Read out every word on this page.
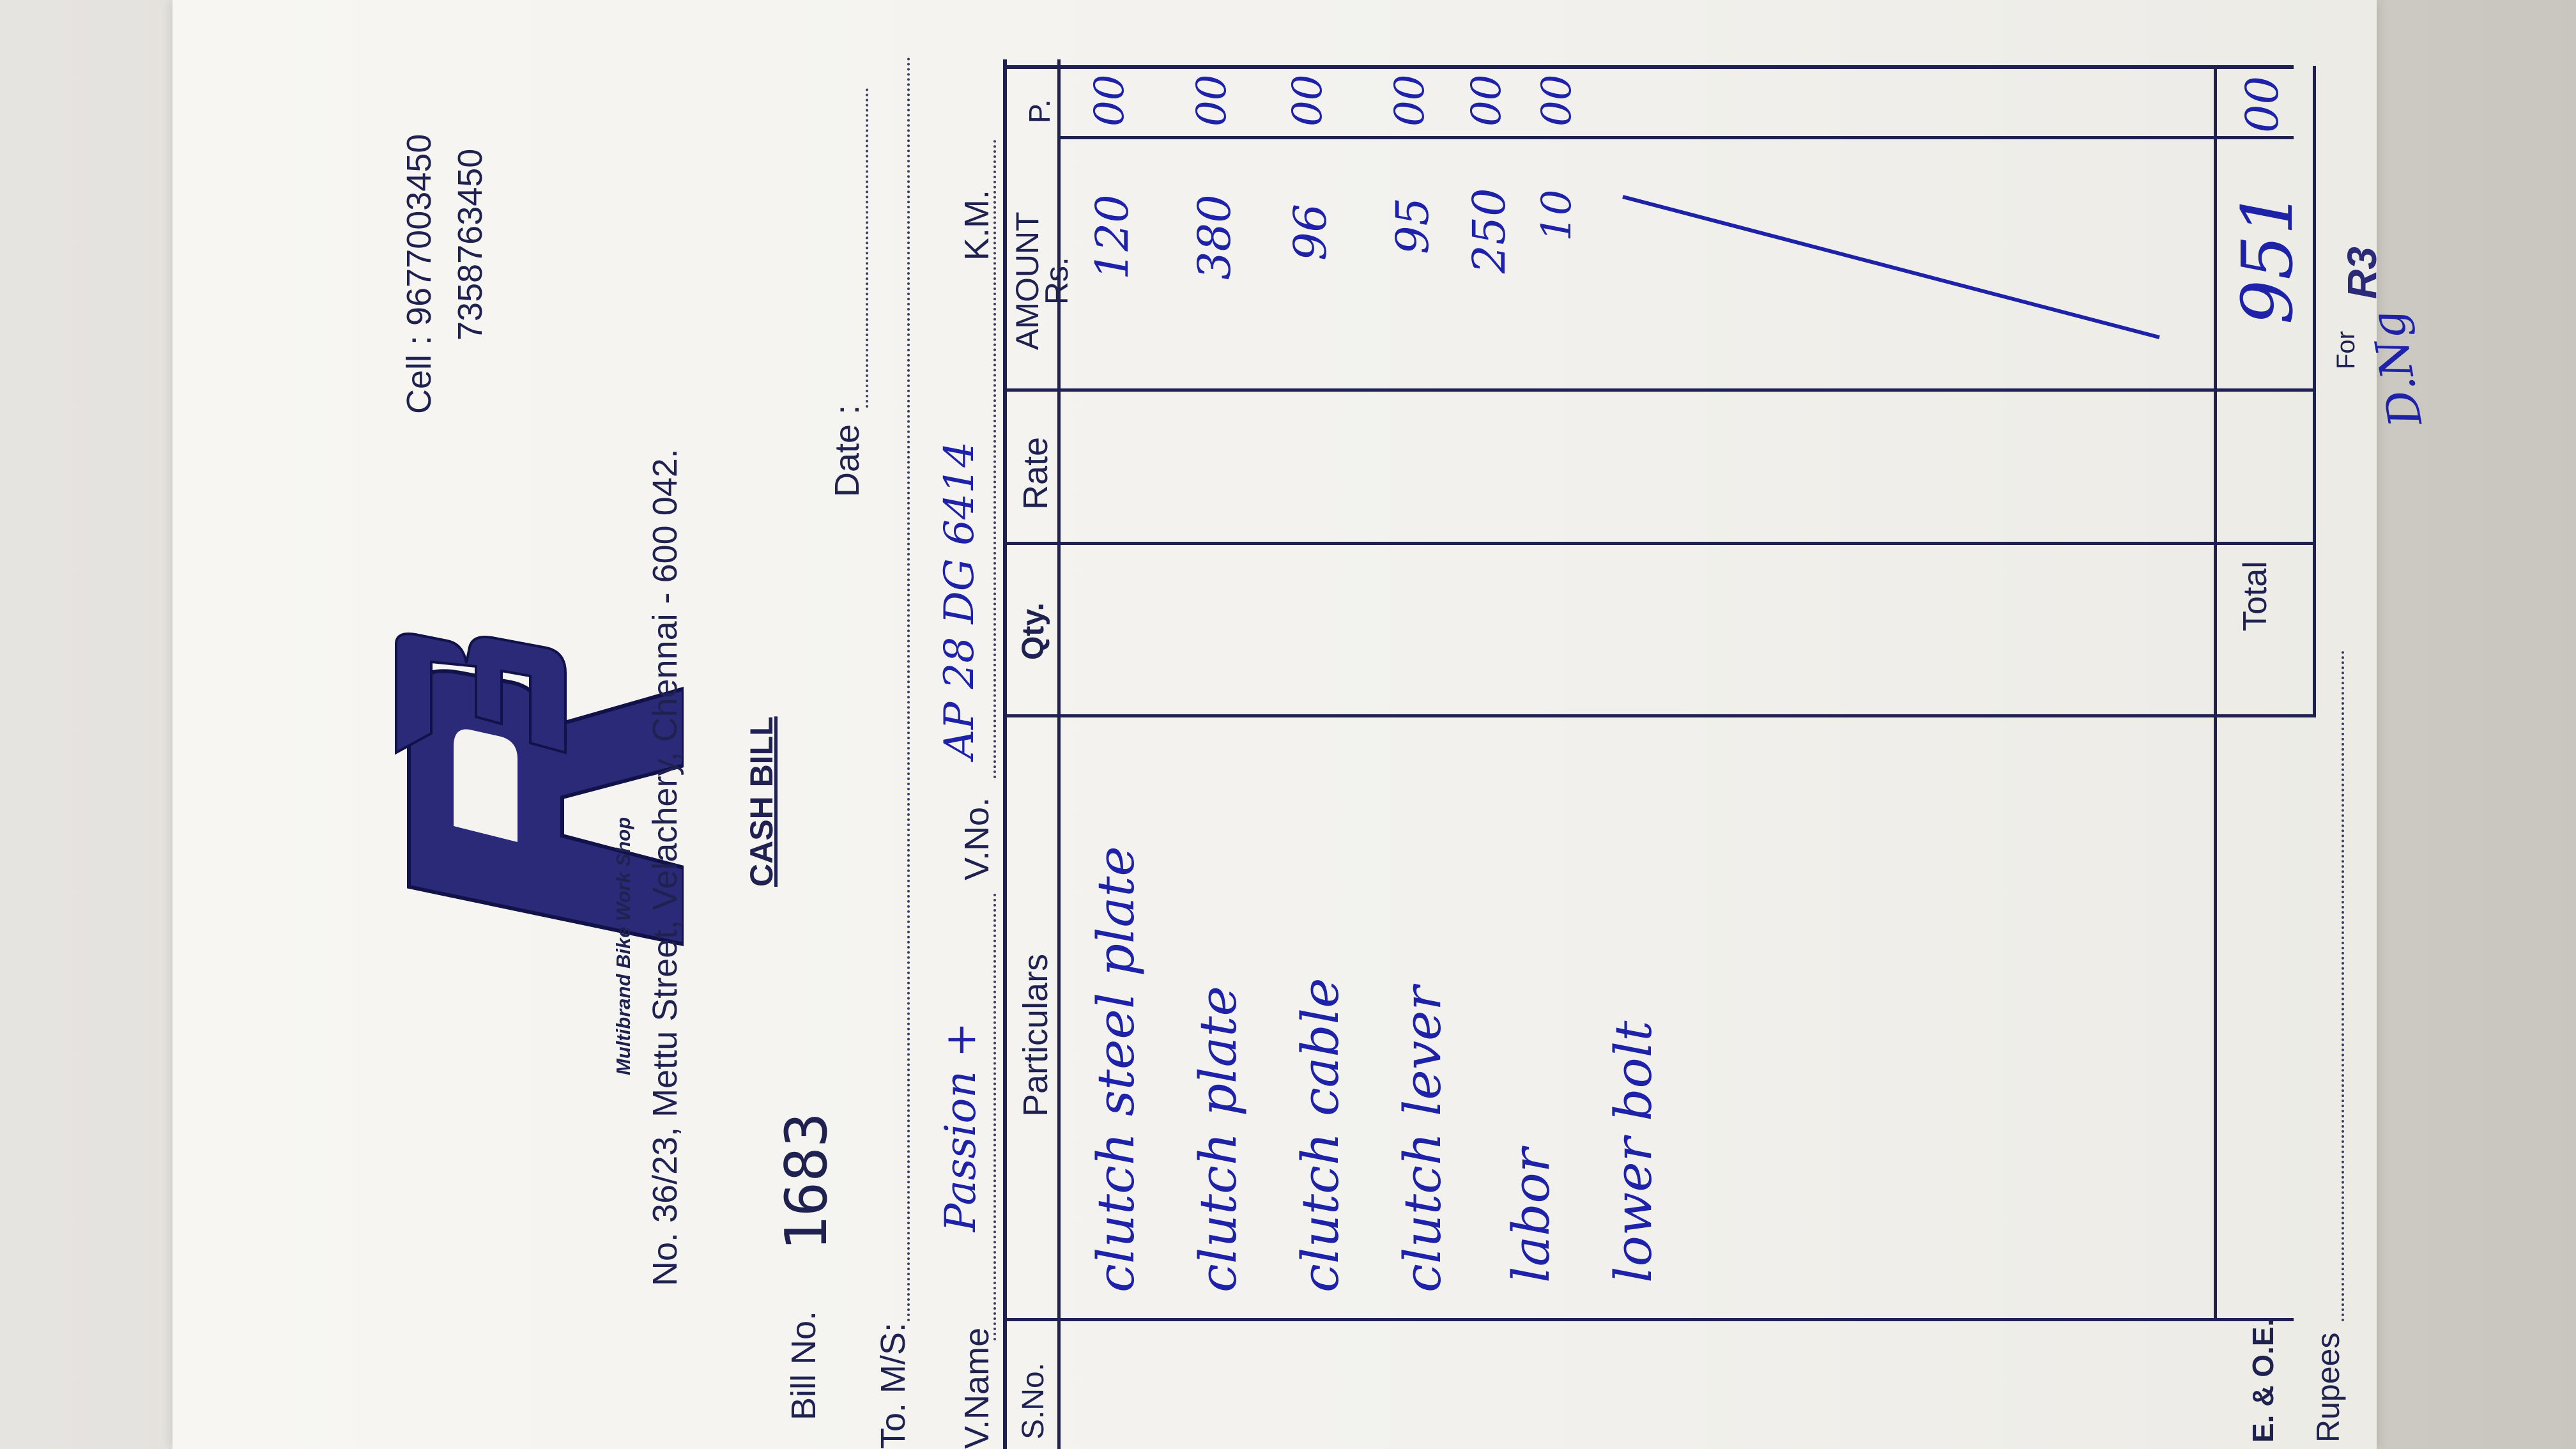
Multibrand Bike Work Shop No. 36/23, Mettu Street, Velachery, Chennai - 600 042. CASH BILL
Cell : 9677003450 7358763450
Bill No.
1683
Date :
To. M/S: V.Name
Passion +
V.No.
AP 28 DG 6414
K.M.
S.No.
Particulars
Qty.
Rate
AMOUNT
Rs.
P.
clutch steel plate
120
00
clutch plate
380
00
clutch cable
96
00
clutch lever
95
00
labor
250
00
lower bolt
10
00
E. & O.E.
Total
951
00
Rupees
For
R3
D.Ng
